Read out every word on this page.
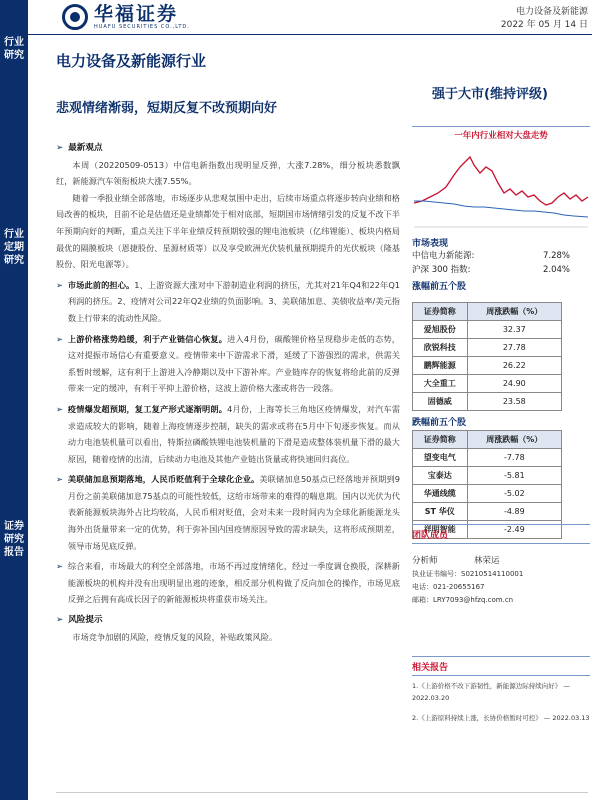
行业研究
行业定期研究
证券研究报告
华福证券
HUAFU SECURITIES CO.,LTD.
电力设备及新能源
2022 年 05 月 14 日
电力设备及新能源行业
强于大市(维持评级)
悲观情绪渐弱，短期反复不改预期向好
➢ 最新观点

本周（20220509-0513）中信电新指数出现明显反弹，大涨7.28%，细分板块悉数飘红，新能源汽车领衔板块大涨7.55%。

随着一季报业绩全部落地，市场逐步从悲观氛围中走出，后续市场重点将逐步转向业绩和格局改善的板块，目前不论是估值还是业绩都处于相对底部，短期国市场情绪引发的反复不改下半年预期向好的判断，重点关注下半年业绩反转预期较强的锂电池板块（亿纬锂能）、板块内格局最优的隔膜板块（恩捷股份、星源材质等）以及享受欧洲光伏装机量预期提升的光伏板块（隆基股份、阳光电源等）。

➢ 市场此前的担心。1、上游资源大涨对中下游制造业利润的挤压，尤其对21年Q4和22年Q1利润的挤压。2、疫情对公司22年Q2业绩的负面影响。3、美联储加息、美债收益率/美元指数上行带来的流动性风险。
➢ 上游价格涨势趋缓，利于产业链信心恢复。进入4月份，碳酸锂价格呈现稳步走低的态势，这对提振市场信心有重要意义。疫情带来中下游需求下滑，延缓了下游强烈的需求，供需关系暂时缓解，这有利于上游进入冷静期以及中下游补库。产业链库存的恢复将给此前的反弹带来一定的缓冲，有利于平抑上游价格，这波上游价格大涨或将告一段落。
➢ 疫情爆发超预期，复工复产形式逐渐明朗。4月份，上海等长三角地区疫情爆发，对汽车需求造成较大的影响，随着上海疫情逐步控制，缺失的需求或将在5月中下旬逐步恢复。而从动力电池装机量可以看出，特斯拉磷酸铁锂电池装机量的下滑是造成整体装机量下滑的最大原因，随着疫情的出清，后续动力电池及其他产业链出货量或将快速回归高位。
➢ 美联储加息预期落地，人民币贬值利于全球化企业。美联储加息50基点已经落地并预期到9月份之前美联储加息75基点的可能性较低，这给市场带来的难得的喘息期。国内以光伏为代表新能源板块海外占比均较高，人民币相对贬值，会对未来一段时间内为全球化新能源龙头海外出货量带来一定的优势，利于弥补国内国疫情原因导致的需求缺失，这将形成预期差，领导市场见底反弹。
➢ 综合来看，市场最大的利空全部落地，市场不再过度情绪化，经过一季度调仓换股，深耕新能源板块的机构并没有出现明显出逃的迹象，相反部分机构做了反向加仓的操作，市场见底反弹之后拥有高成长因子的新能源板块将重获市场关注。
➢ 风险提示

市场竞争加剧的风险，疫情反复的风险，补贴政策风险。

一年内行业相对大盘走势
市场表现
中信电力新能源:	7.28%
沪深 300 指数:	2.04%
涨幅前五个股
证券简称	周涨跌幅（%）
爱旭股份	32.37
欣锐科技	27.78
鹏辉能源	26.22
大全重工	24.90
固德威	23.58
跌幅前五个股
证券简称	周涨跌幅（%）
望变电气	-7.78
宝泰达	-5.81
华通线缆	-5.02
ST 华仪	-4.89
祥明智能	-2.49
团队成员
分析师	林荣运
执业证书编号：S0210514110001
电话：021-20655167
邮箱：LRY7093@hfzq.com.cn
相关报告
1.《上游价格不改下游韧性，新能源边际持续向好》 — 2022.03.20
2.《上游原料持续上涨，长协价格暂时可控》 — 2022.03.13
